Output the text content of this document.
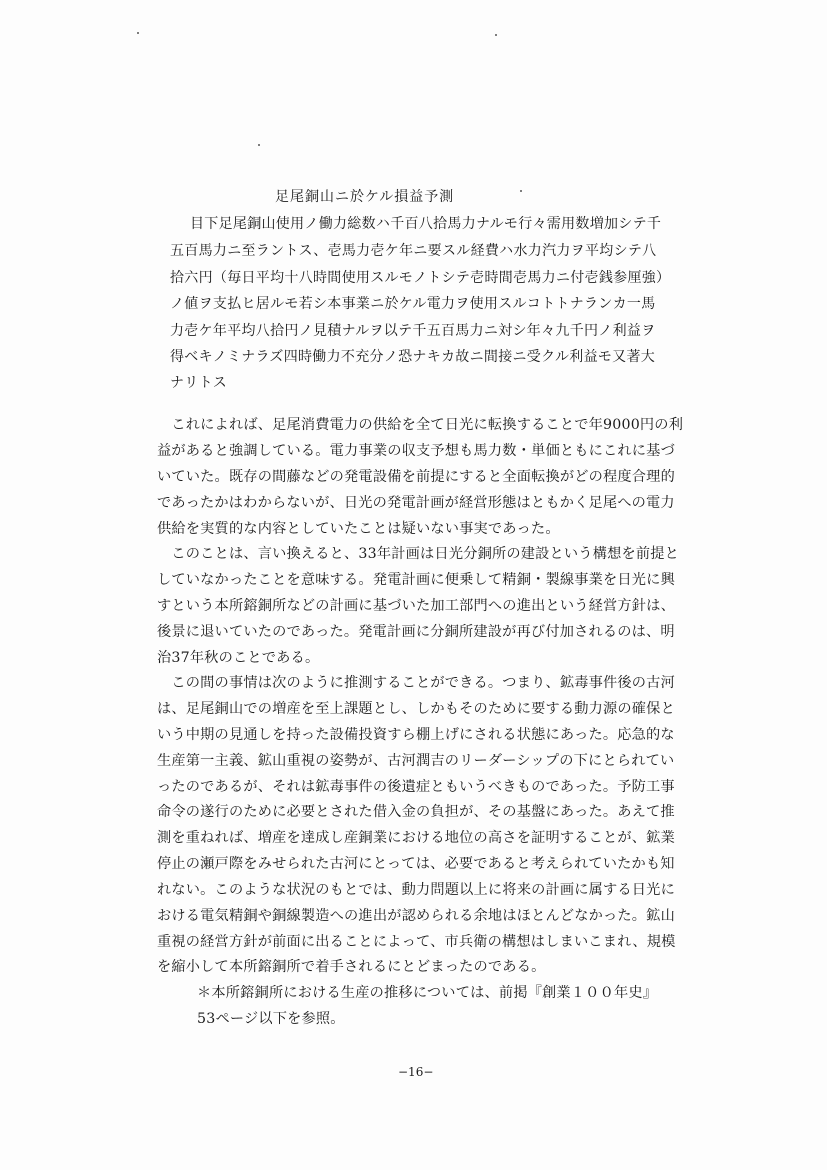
足尾銅山ニ於ケル損益予測
目下足尾銅山使用ノ働力総数ハ千百八拾馬力ナルモ行々需用数増加シテ千
五百馬力ニ至ラントス、壱馬力壱ケ年ニ要スル経費ハ水力汽力ヲ平均シテ八
拾六円（毎日平均十八時間使用スルモノトシテ壱時間壱馬力ニ付壱銭参厘強）
ノ値ヲ支払ヒ居ルモ若シ本事業ニ於ケル電力ヲ使用スルコトトナランカ一馬
力壱ケ年平均八拾円ノ見積ナルヲ以テ千五百馬力ニ対シ年々九千円ノ利益ヲ
得ベキノミナラズ四時働力不充分ノ恐ナキカ故ニ間接ニ受クル利益モ又著大
ナリトス
　これによれば、足尾消費電力の供給を全て日光に転換することで年9000円の利
益があると強調している。電力事業の収支予想も馬力数・単価ともにこれに基づ
いていた。既存の間藤などの発電設備を前提にすると全面転換がどの程度合理的
であったかはわからないが、日光の発電計画が経営形態はともかく足尾への電力
供給を実質的な内容としていたことは疑いない事実であった。
　このことは、言い換えると、33年計画は日光分銅所の建設という構想を前提と
していなかったことを意味する。発電計画に便乗して精銅・製線事業を日光に興
すという本所鎔銅所などの計画に基づいた加工部門への進出という経営方針は、
後景に退いていたのであった。発電計画に分銅所建設が再び付加されるのは、明
治37年秋のことである。
　この間の事情は次のように推測することができる。つまり、鉱毒事件後の古河
は、足尾銅山での増産を至上課題とし、しかもそのために要する動力源の確保と
いう中期の見通しを持った設備投資すら棚上げにされる状態にあった。応急的な
生産第一主義、鉱山重視の姿勢が、古河潤吉のリーダーシップの下にとられてい
ったのであるが、それは鉱毒事件の後遺症ともいうべきものであった。予防工事
命令の遂行のために必要とされた借入金の負担が、その基盤にあった。あえて推
測を重ねれば、増産を達成し産銅業における地位の高さを証明することが、鉱業
停止の瀬戸際をみせられた古河にとっては、必要であると考えられていたかも知
れない。このような状況のもとでは、動力問題以上に将来の計画に属する日光に
おける電気精銅や銅線製造への進出が認められる余地はほとんどなかった。鉱山
重視の経営方針が前面に出ることによって、市兵衛の構想はしまいこまれ、規模
を縮小して本所鎔銅所で着手されるにとどまったのである。
＊本所鎔銅所における生産の推移については、前掲『創業１００年史』
53ページ以下を参照。
−16−
